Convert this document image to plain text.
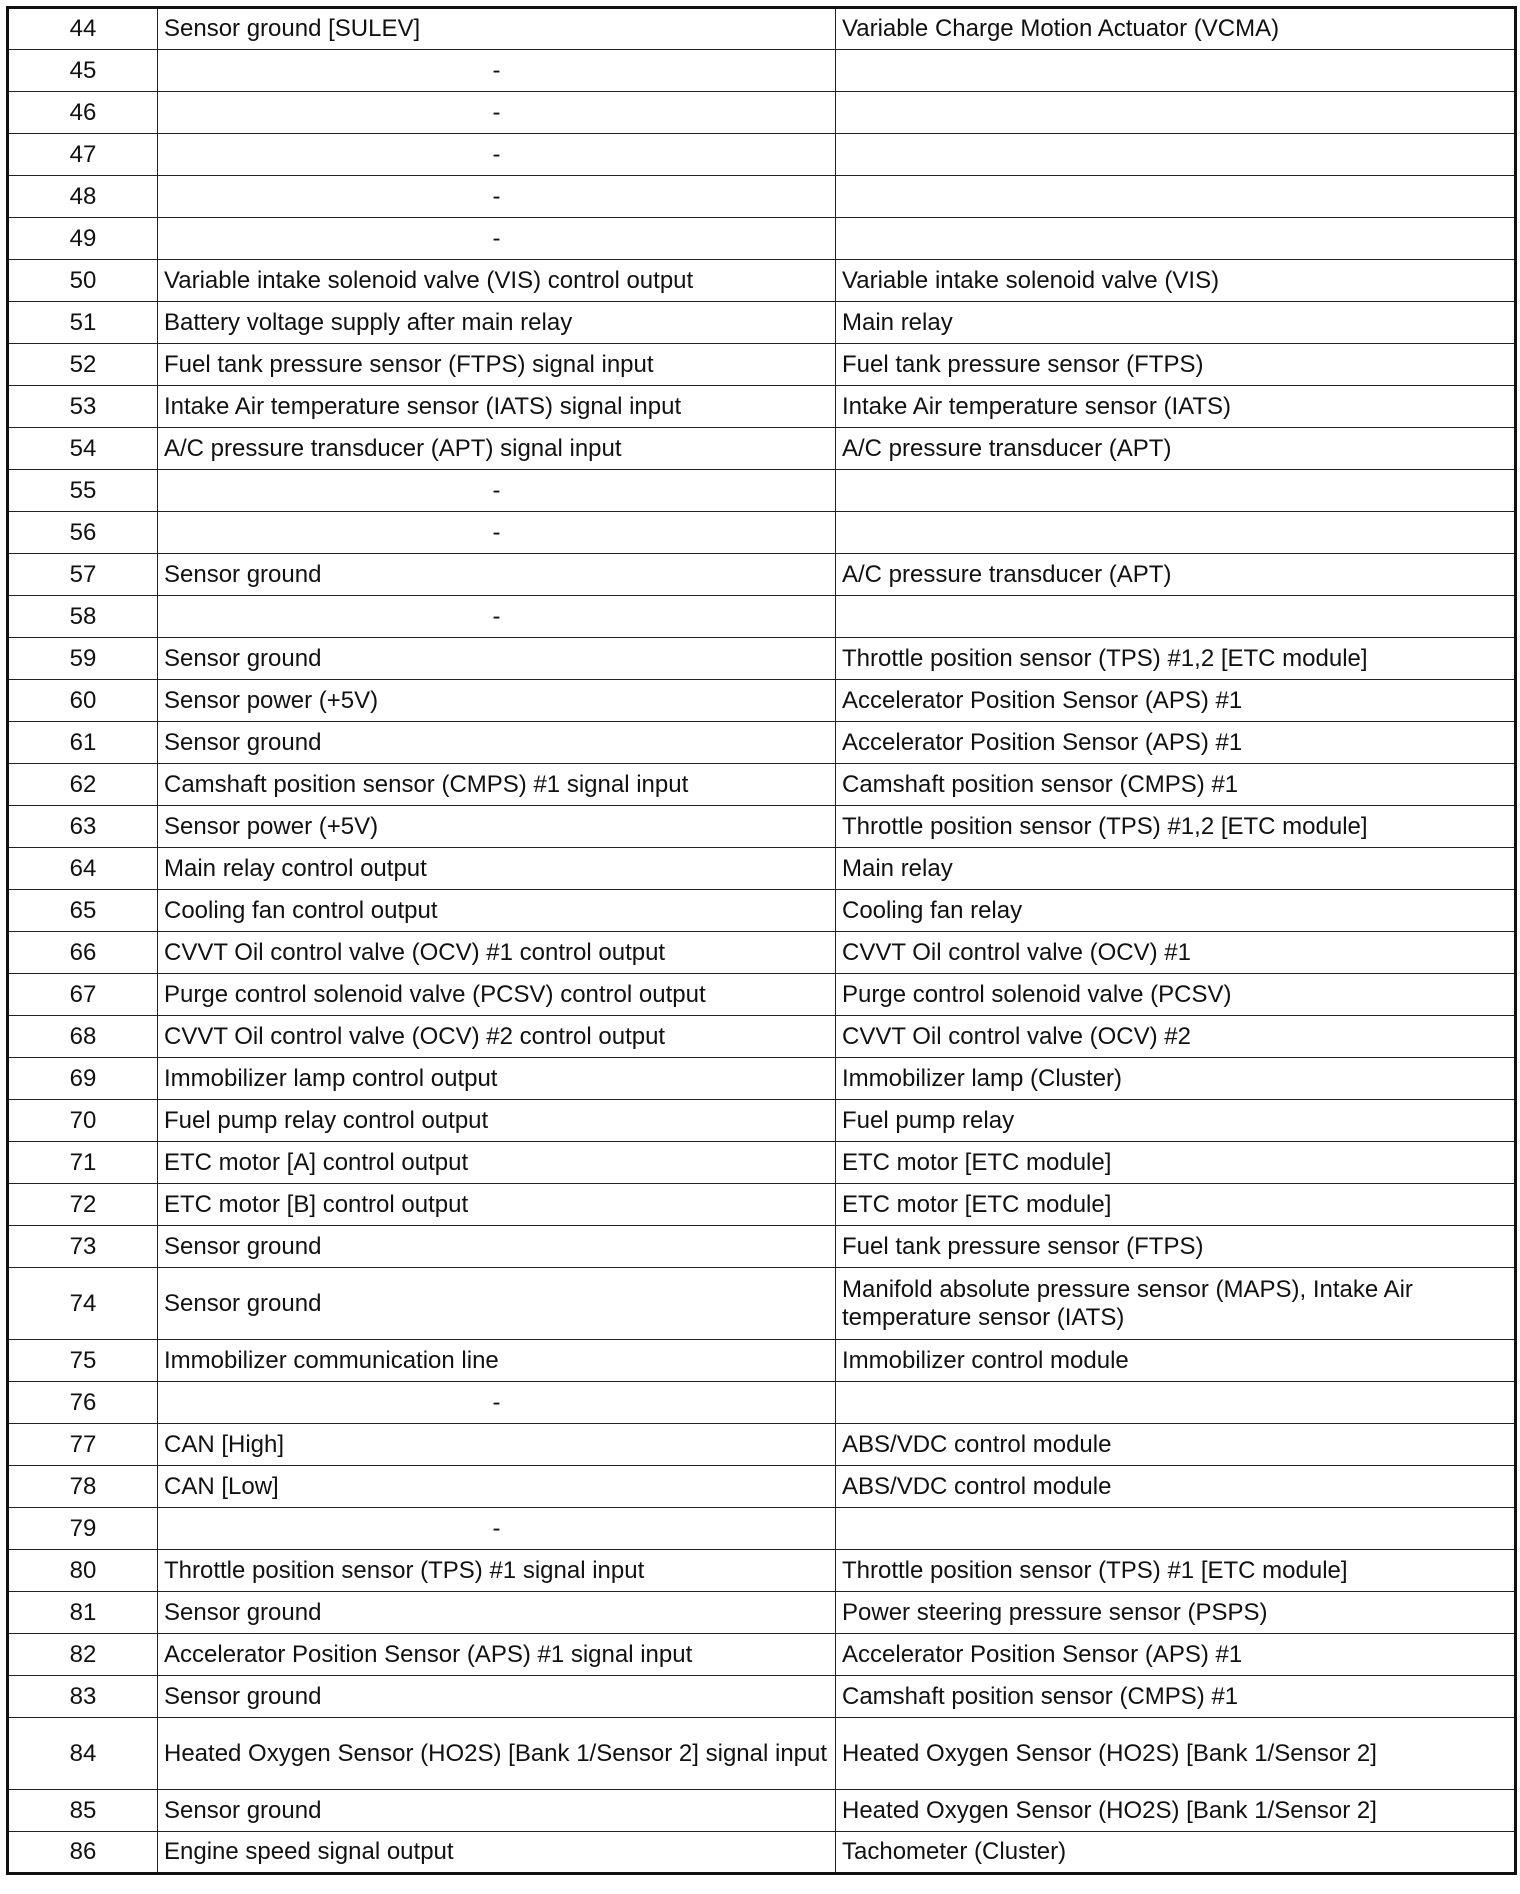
44	Sensor ground [SULEV]	Variable Charge Motion Actuator (VCMA)
45	-	
46	-	
47	-	
48	-	
49	-	
50	Variable intake solenoid valve (VIS) control output	Variable intake solenoid valve (VIS)
51	Battery voltage supply after main relay	Main relay
52	Fuel tank pressure sensor (FTPS) signal input	Fuel tank pressure sensor (FTPS)
53	Intake Air temperature sensor (IATS) signal input	Intake Air temperature sensor (IATS)
54	A/C pressure transducer (APT) signal input	A/C pressure transducer (APT)
55	-	
56	-	
57	Sensor ground	A/C pressure transducer (APT)
58	-	
59	Sensor ground	Throttle position sensor (TPS) #1,2 [ETC module]
60	Sensor power (+5V)	Accelerator Position Sensor (APS) #1
61	Sensor ground	Accelerator Position Sensor (APS) #1
62	Camshaft position sensor (CMPS) #1 signal input	Camshaft position sensor (CMPS) #1
63	Sensor power (+5V)	Throttle position sensor (TPS) #1,2 [ETC module]
64	Main relay control output	Main relay
65	Cooling fan control output	Cooling fan relay
66	CVVT Oil control valve (OCV) #1 control output	CVVT Oil control valve (OCV) #1
67	Purge control solenoid valve (PCSV) control output	Purge control solenoid valve (PCSV)
68	CVVT Oil control valve (OCV) #2 control output	CVVT Oil control valve (OCV) #2
69	Immobilizer lamp control output	Immobilizer lamp (Cluster)
70	Fuel pump relay control output	Fuel pump relay
71	ETC motor [A] control output	ETC motor [ETC module]
72	ETC motor [B] control output	ETC motor [ETC module]
73	Sensor ground	Fuel tank pressure sensor (FTPS)
74	Sensor ground	Manifold absolute pressure sensor (MAPS), Intake Air temperature sensor (IATS)
75	Immobilizer communication line	Immobilizer control module
76	-	
77	CAN [High]	ABS/VDC control module
78	CAN [Low]	ABS/VDC control module
79	-	
80	Throttle position sensor (TPS) #1 signal input	Throttle position sensor (TPS) #1 [ETC module]
81	Sensor ground	Power steering pressure sensor (PSPS)
82	Accelerator Position Sensor (APS) #1 signal input	Accelerator Position Sensor (APS) #1
83	Sensor ground	Camshaft position sensor (CMPS) #1
84	Heated Oxygen Sensor (HO2S) [Bank 1/Sensor 2] signal input	Heated Oxygen Sensor (HO2S) [Bank 1/Sensor 2]
85	Sensor ground	Heated Oxygen Sensor (HO2S) [Bank 1/Sensor 2]
86	Engine speed signal output	Tachometer (Cluster)
